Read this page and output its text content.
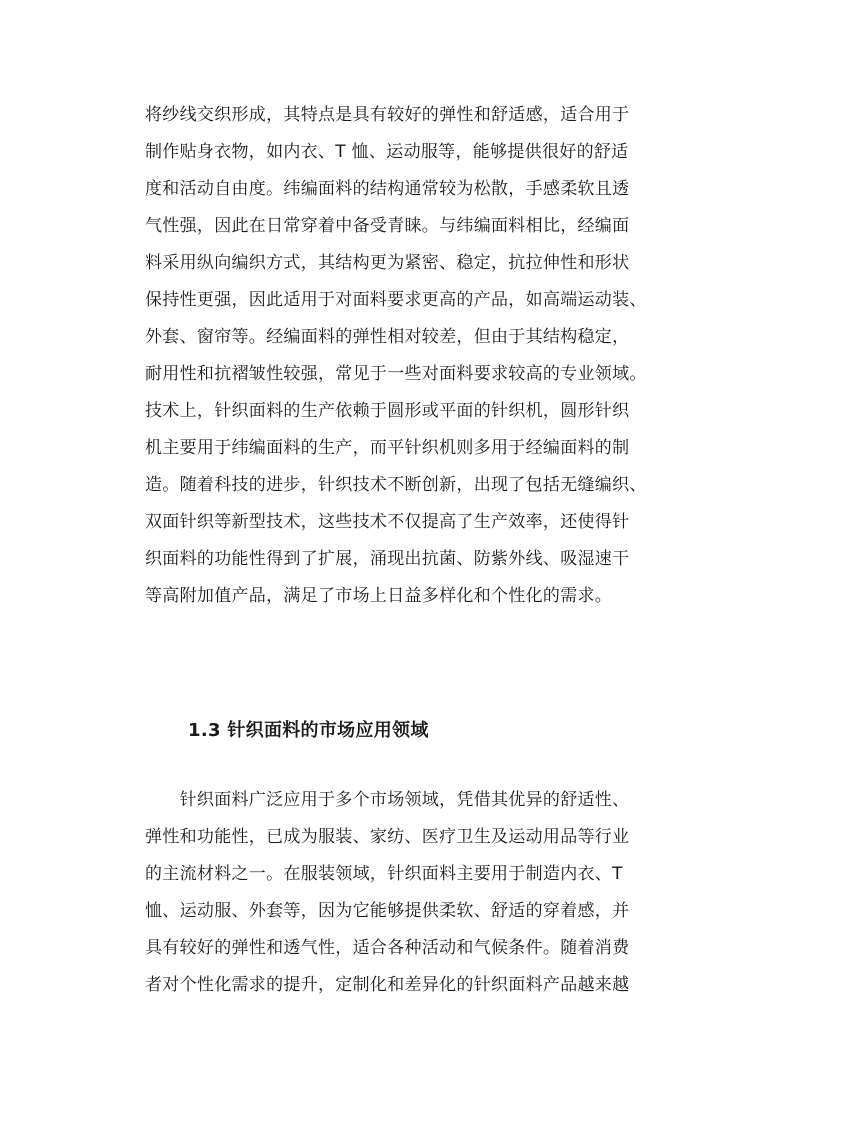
将纱线交织形成，其特点是具有较好的弹性和舒适感，适合用于
制作贴身衣物，如内衣、T 恤、运动服等，能够提供很好的舒适
度和活动自由度。纬编面料的结构通常较为松散，手感柔软且透
气性强，因此在日常穿着中备受青睐。与纬编面料相比，经编面
料采用纵向编织方式，其结构更为紧密、稳定，抗拉伸性和形状
保持性更强，因此适用于对面料要求更高的产品，如高端运动装、
外套、窗帘等。经编面料的弹性相对较差，但由于其结构稳定，
耐用性和抗褶皱性较强，常见于一些对面料要求较高的专业领域。
技术上，针织面料的生产依赖于圆形或平面的针织机，圆形针织
机主要用于纬编面料的生产，而平针织机则多用于经编面料的制
造。随着科技的进步，针织技术不断创新，出现了包括无缝编织、
双面针织等新型技术，这些技术不仅提高了生产效率，还使得针
织面料的功能性得到了扩展，涌现出抗菌、防紫外线、吸湿速干
等高附加值产品，满足了市场上日益多样化和个性化的需求。
1.3 针织面料的市场应用领域
　　针织面料广泛应用于多个市场领域，凭借其优异的舒适性、
弹性和功能性，已成为服装、家纺、医疗卫生及运动用品等行业
的主流材料之一。在服装领域，针织面料主要用于制造内衣、T
恤、运动服、外套等，因为它能够提供柔软、舒适的穿着感，并
具有较好的弹性和透气性，适合各种活动和气候条件。随着消费
者对个性化需求的提升，定制化和差异化的针织面料产品越来越
